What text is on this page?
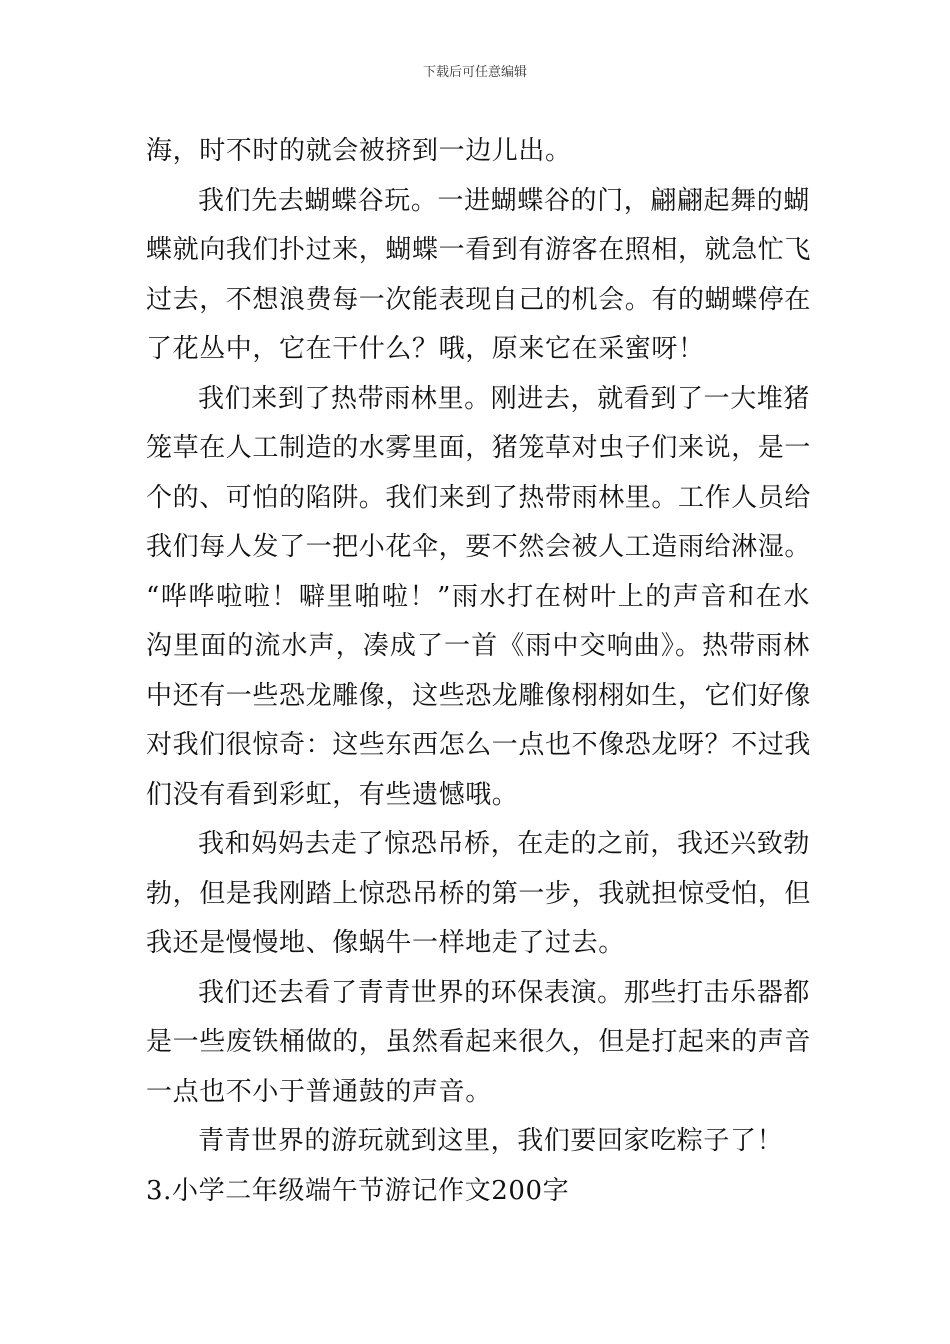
下载后可任意编辑
海，时不时的就会被挤到一边儿出。
我们先去蝴蝶谷玩。一进蝴蝶谷的门，翩翩起舞的蝴
蝶就向我们扑过来，蝴蝶一看到有游客在照相，就急忙飞
过去，不想浪费每一次能表现自己的机会。有的蝴蝶停在
了花丛中，它在干什么？哦，原来它在采蜜呀！
我们来到了热带雨林里。刚进去，就看到了一大堆猪
笼草在人工制造的水雾里面，猪笼草对虫子们来说，是一
个的、可怕的陷阱。我们来到了热带雨林里。工作人员给
我们每人发了一把小花伞，要不然会被人工造雨给淋湿。
“哗哗啦啦！噼里啪啦！”雨水打在树叶上的声音和在水
沟里面的流水声，凑成了一首《雨中交响曲》。热带雨林
中还有一些恐龙雕像，这些恐龙雕像栩栩如生，它们好像
对我们很惊奇：这些东西怎么一点也不像恐龙呀？不过我
们没有看到彩虹，有些遗憾哦。
我和妈妈去走了惊恐吊桥，在走的之前，我还兴致勃
勃，但是我刚踏上惊恐吊桥的第一步，我就担惊受怕，但
我还是慢慢地、像蜗牛一样地走了过去。
我们还去看了青青世界的环保表演。那些打击乐器都
是一些废铁桶做的，虽然看起来很久，但是打起来的声音
一点也不小于普通鼓的声音。
青青世界的游玩就到这里，我们要回家吃粽子了！
3.小学二年级端午节游记作文200字
